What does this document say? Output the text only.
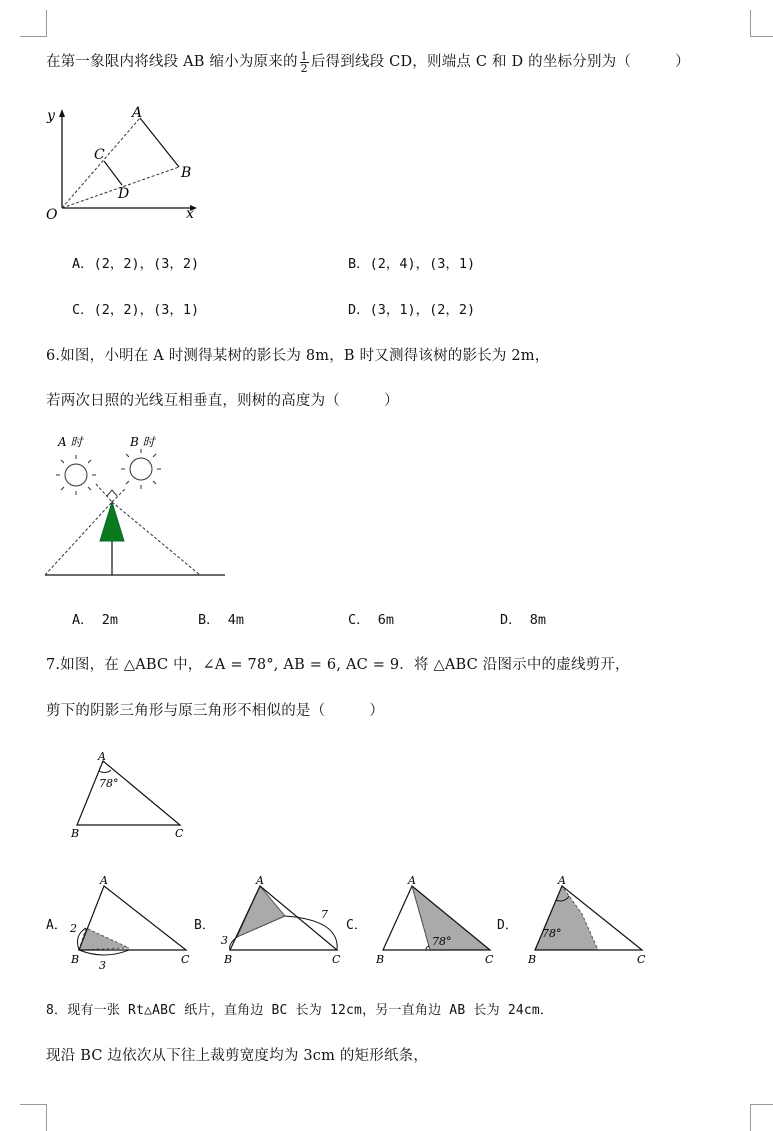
在第一象限内将线段 AB 缩小为原来的 $\frac{1}{2}$ 后得到线段 CD，则端点 C 和 D 的坐标分别为（　　　）
y
x
O
A
B
C
D
A．(2，2)，(3，2)	B．(2，4)，(3，1)
C．(2，2)，(3，1)	D．(3，1)，(2，2)
6.如图，小明在 A 时测得某树的影长为 8m，B 时又测得该树的影长为 2m，
若两次日照的光线互相垂直，则树的高度为（　　　）
A 时	B 时
A． 2m	B． 4m	C． 6m	D． 8m
7.如图，在 △ABC 中，∠A = 78°, AB = 6, AC = 9．将 △ABC 沿图示中的虚线剪开，
剪下的阴影三角形与原三角形不相似的是（　　　）
A
B	C
78°
A．	B．	C．	D．
A
B	C
2
3
A
B	C
3
7
A
B	C
78°
A
B	C
78°
8．现有一张 Rt△ABC 纸片，直角边 BC 长为 12cm，另一直角边 AB 长为 24cm．
现沿 BC 边依次从下往上裁剪宽度均为 3cm 的矩形纸条，
